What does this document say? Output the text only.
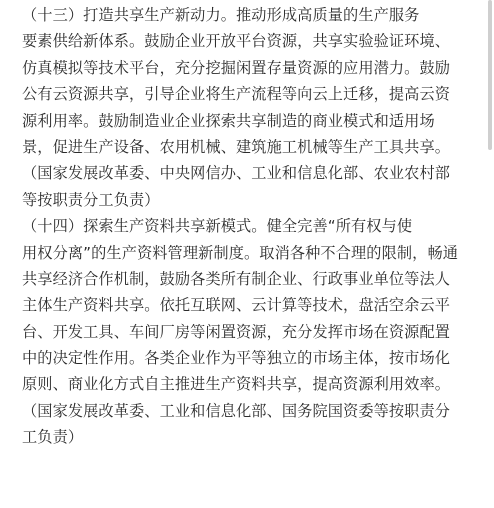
（十三）打造共享生产新动力。推动形成高质量的生产服务
要素供给新体系。鼓励企业开放平台资源，共享实验验证环境、
仿真模拟等技术平台，充分挖掘闲置存量资源的应用潜力。鼓励
公有云资源共享，引导企业将生产流程等向云上迁移，提高云资
源利用率。鼓励制造业企业探索共享制造的商业模式和适用场
景，促进生产设备、农用机械、建筑施工机械等生产工具共享。
（国家发展改革委、中央网信办、工业和信息化部、农业农村部
等按职责分工负责）
（十四）探索生产资料共享新模式。健全完善“所有权与使
用权分离”的生产资料管理新制度。取消各种不合理的限制，畅通
共享经济合作机制，鼓励各类所有制企业、行政事业单位等法人
主体生产资料共享。依托互联网、云计算等技术，盘活空余云平
台、开发工具、车间厂房等闲置资源，充分发挥市场在资源配置
中的决定性作用。各类企业作为平等独立的市场主体，按市场化
原则、商业化方式自主推进生产资料共享，提高资源利用效率。
（国家发展改革委、工业和信息化部、国务院国资委等按职责分
工负责）
